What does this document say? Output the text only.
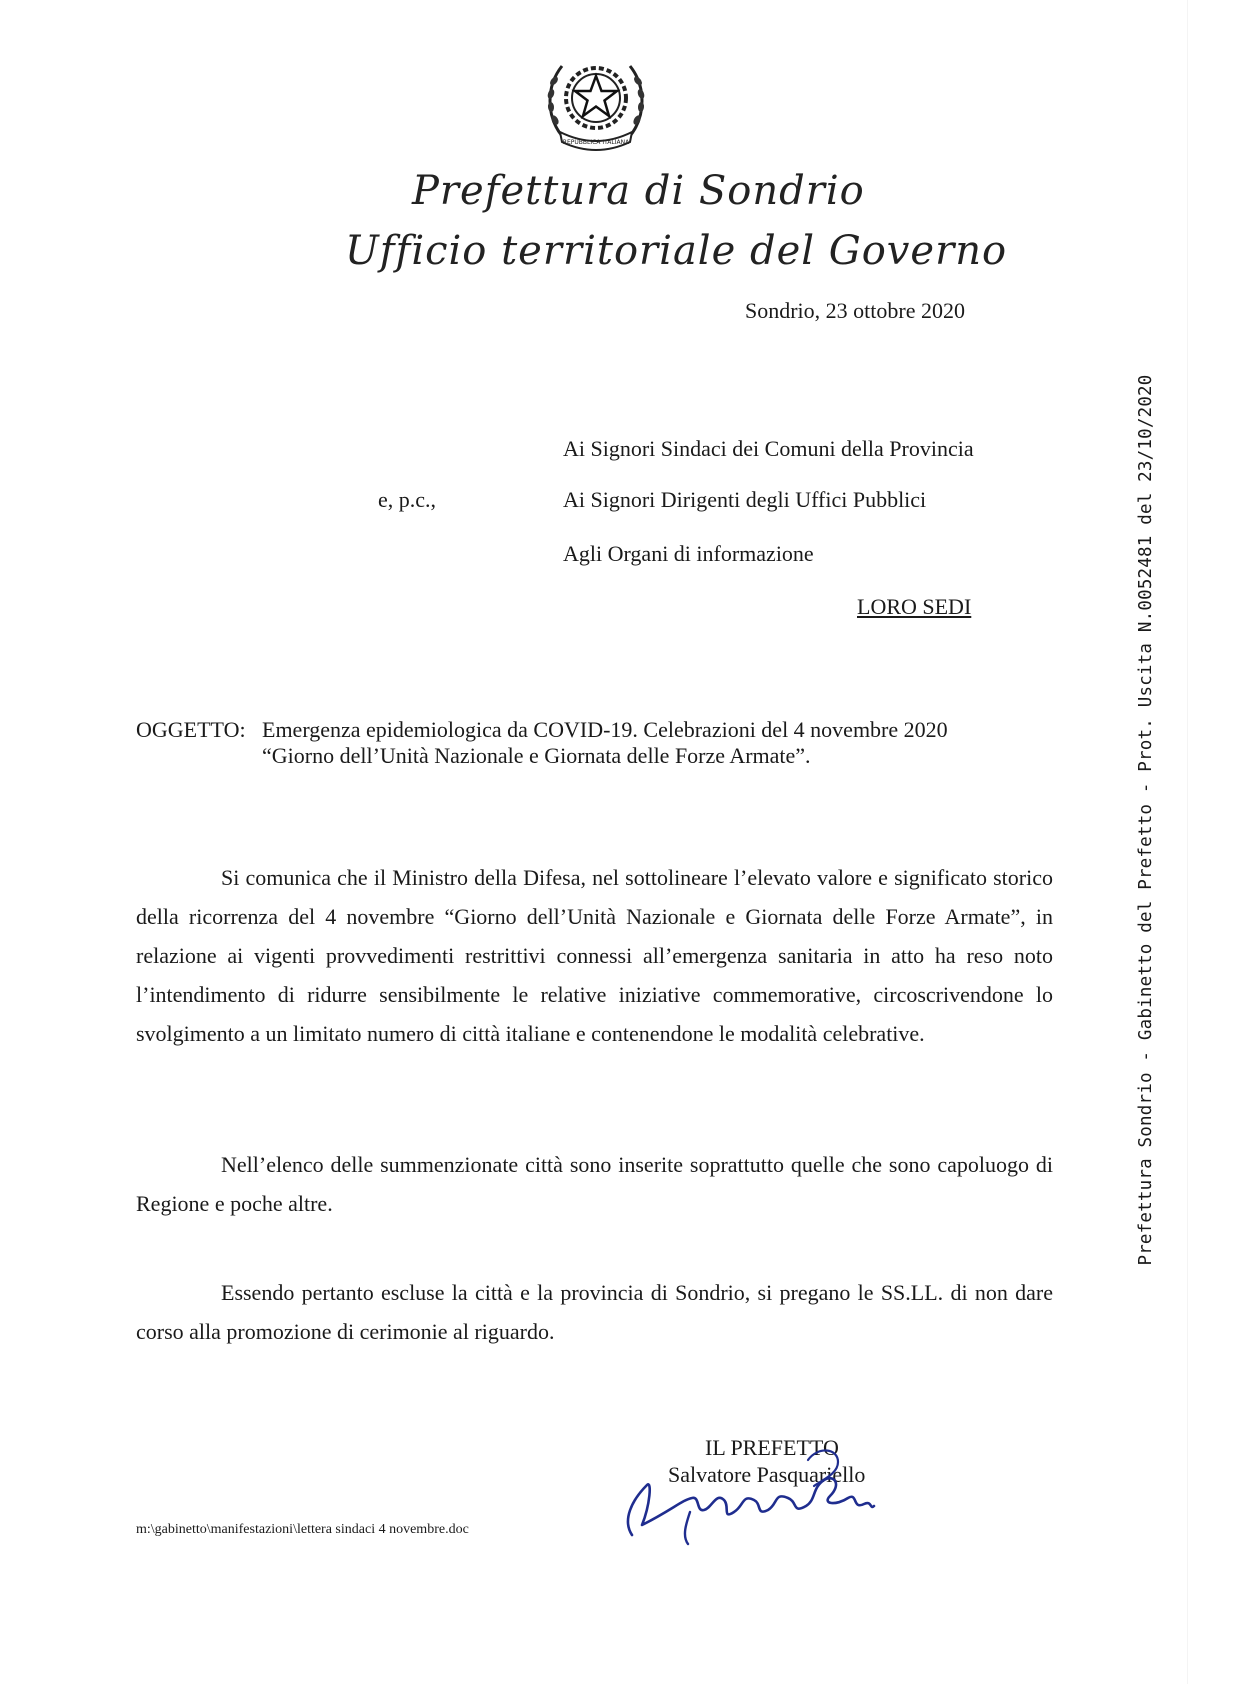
REPUBBLICA ITALIANA
Prefettura di Sondrio
Ufficio territoriale del Governo
Sondrio, 23 ottobre 2020
Ai Signori Sindaci dei Comuni della Provincia
e, p.c.,	Ai Signori Dirigenti degli Uffici Pubblici
Agli Organi di informazione
LORO SEDI
OGGETTO: Emergenza epidemiologica da COVID-19. Celebrazioni del 4 novembre 2020
“Giorno dell’Unità Nazionale e Giornata delle Forze Armate”.

Si comunica che il Ministro della Difesa, nel sottolineare l’elevato valore e significato storico della ricorrenza del 4 novembre “Giorno dell’Unità Nazionale e Giornata delle Forze Armate”, in relazione ai vigenti provvedimenti restrittivi connessi all’emergenza sanitaria in atto ha reso noto l’intendimento di ridurre sensibilmente le relative iniziative commemorative, circoscrivendone lo svolgimento a un limitato numero di città italiane e contenendone le modalità celebrative.

Nell’elenco delle summenzionate città sono inserite soprattutto quelle che sono capoluogo di Regione e poche altre.

Essendo pertanto escluse la città e la provincia di Sondrio, si pregano le SS.LL. di non dare corso alla promozione di cerimonie al riguardo.

IL PREFETTO
Salvatore Pasquariello
m:\gabinetto\manifestazioni\lettera sindaci 4 novembre.doc
Prefettura Sondrio - Gabinetto del Prefetto - Prot. Uscita N.0052481 del 23/10/2020
